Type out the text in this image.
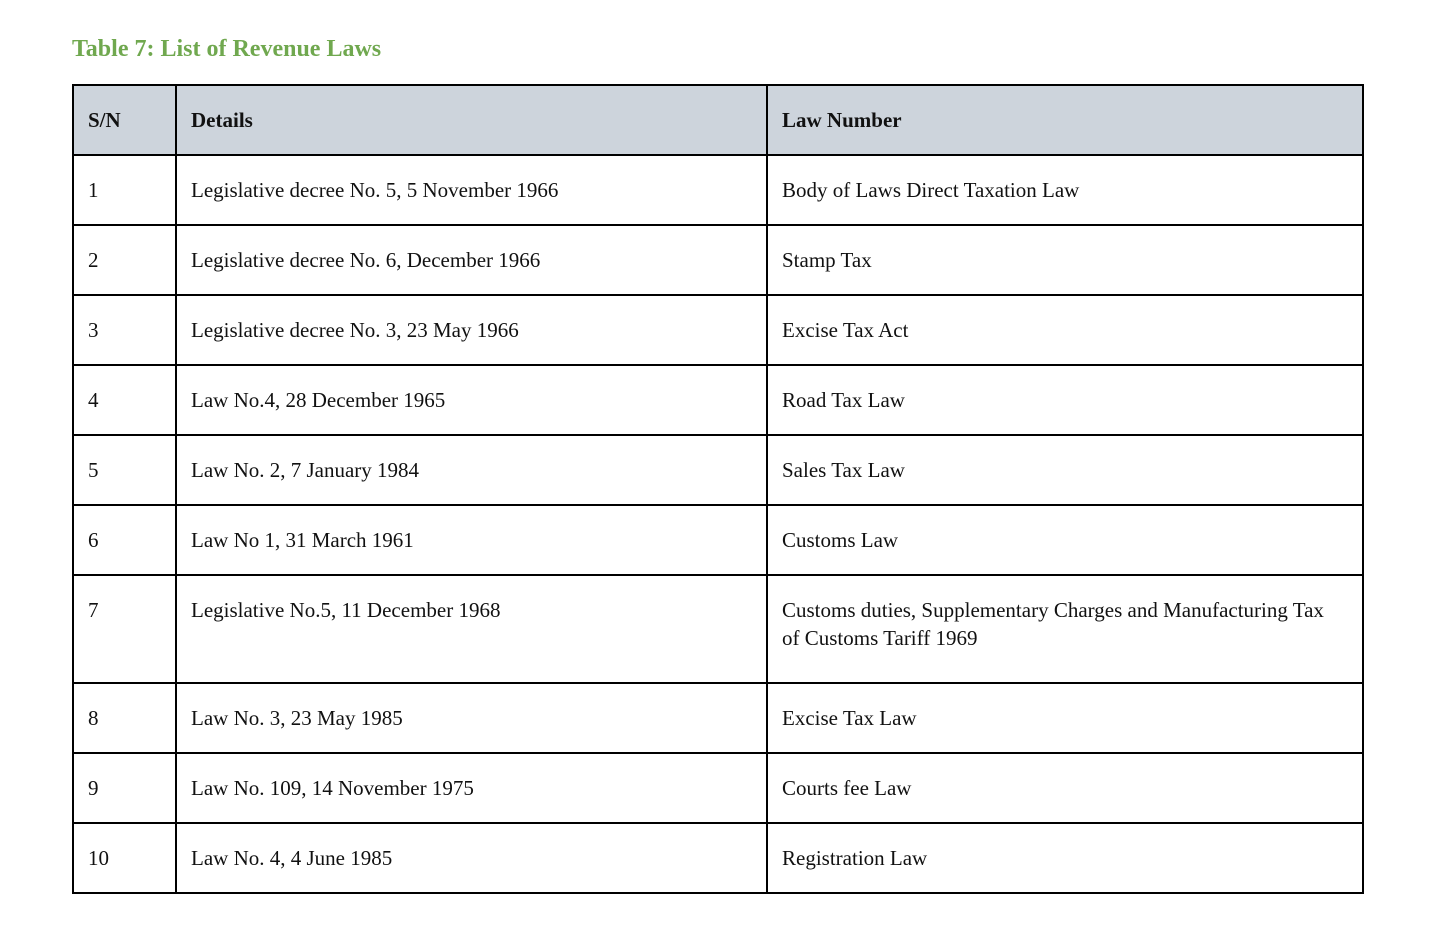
Table 7: List of Revenue Laws
S/N	Details	Law Number
1	Legislative decree No. 5, 5 November 1966	Body of Laws Direct Taxation Law
2	Legislative decree No. 6, December 1966	Stamp Tax
3	Legislative decree No. 3, 23 May 1966	Excise Tax Act
4	Law No.4, 28 December 1965	Road Tax Law
5	Law No. 2, 7 January 1984	Sales Tax Law
6	Law No 1, 31 March 1961	Customs Law
7	Legislative No.5, 11 December 1968	Customs duties, Supplementary Charges and Manufacturing Tax of Customs Tariff 1969
8	Law No. 3, 23 May 1985	Excise Tax Law
9	Law No. 109, 14 November 1975	Courts fee Law
10	Law No. 4, 4 June 1985	Registration Law
